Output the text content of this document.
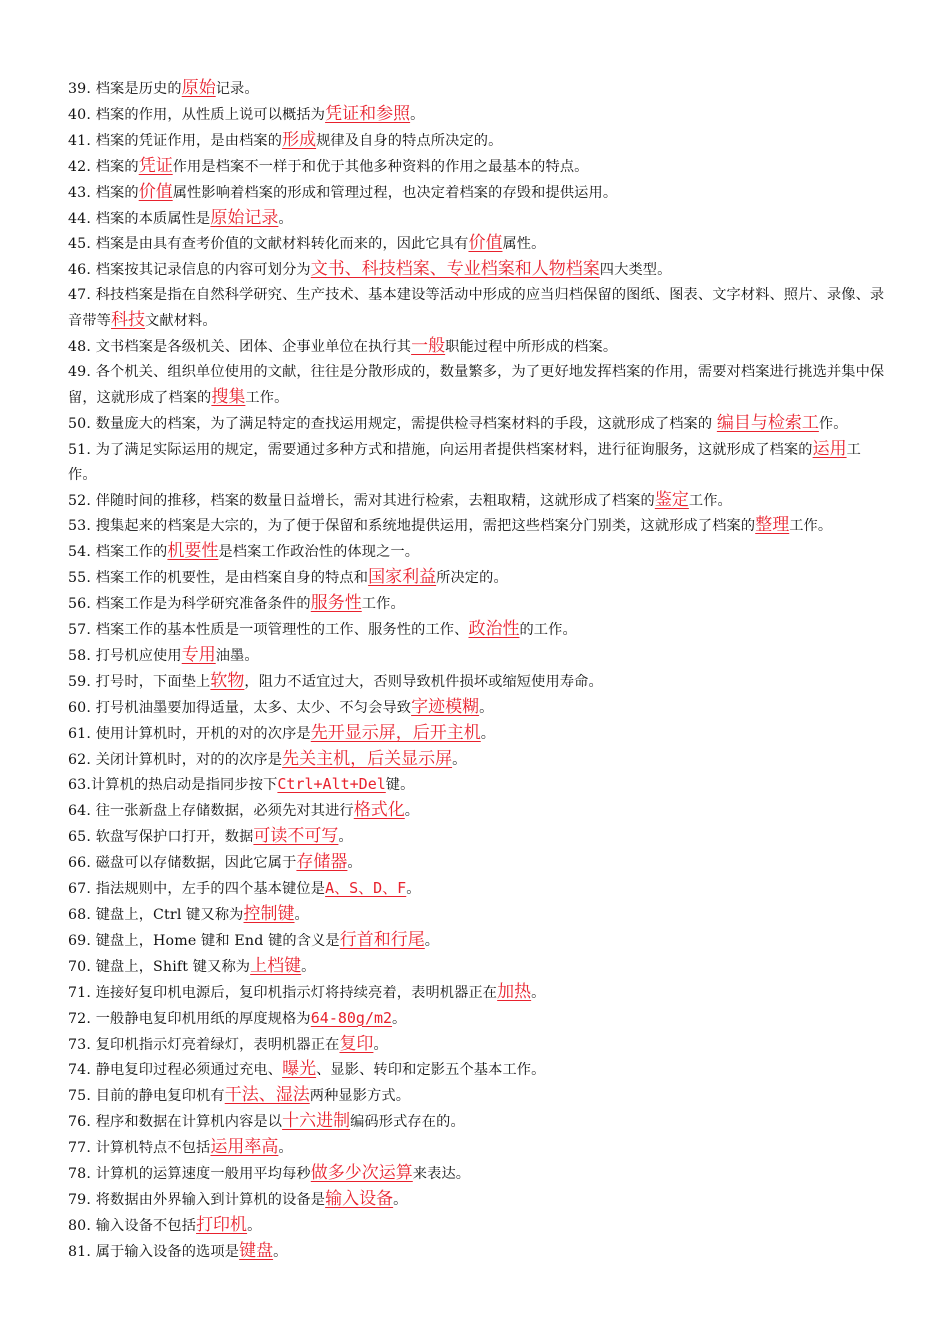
39. 档案是历史的原始记录。
40. 档案的作用，从性质上说可以概括为凭证和参照。
41. 档案的凭证作用，是由档案的形成规律及自身的特点所决定的。
42. 档案的凭证作用是档案不一样于和优于其他多种资料的作用之最基本的特点。
43. 档案的价值属性影响着档案的形成和管理过程，也决定着档案的存毁和提供运用。
44. 档案的本质属性是原始记录。
45. 档案是由具有查考价值的文献材料转化而来的，因此它具有价值属性。
46. 档案按其记录信息的内容可划分为文书、科技档案、专业档案和人物档案四大类型。
47. 科技档案是指在自然科学研究、生产技术、基本建设等活动中形成的应当归档保留的图纸、图表、文字材料、照片、录像、录音带等科技文献材料。
48. 文书档案是各级机关、团体、企事业单位在执行其一般职能过程中所形成的档案。
49. 各个机关、组织单位使用的文献，往往是分散形成的，数量繁多，为了更好地发挥档案的作用，需要对档案进行挑选并集中保留，这就形成了档案的搜集工作。
50. 数量庞大的档案，为了满足特定的查找运用规定，需提供检寻档案材料的手段，这就形成了档案的 编目与检索工作。
51. 为了满足实际运用的规定，需要通过多种方式和措施，向运用者提供档案材料，进行征询服务，这就形成了档案的运用工作。
52. 伴随时间的推移，档案的数量日益增长，需对其进行检索，去粗取精，这就形成了档案的鉴定工作。
53. 搜集起来的档案是大宗的，为了便于保留和系统地提供运用，需把这些档案分门别类，这就形成了档案的整理工作。
54. 档案工作的机要性是档案工作政治性的体现之一。
55. 档案工作的机要性，是由档案自身的特点和国家利益所决定的。
56. 档案工作是为科学研究准备条件的服务性工作。
57. 档案工作的基本性质是一项管理性的工作、服务性的工作、政治性的工作。
58. 打号机应使用专用油墨。
59. 打号时，下面垫上软物，阻力不适宜过大，否则导致机件损坏或缩短使用寿命。
60. 打号机油墨要加得适量，太多、太少、不匀会导致字迹模糊。
61. 使用计算机时，开机的对的次序是先开显示屏，后开主机。
62. 关闭计算机时，对的的次序是先关主机，后关显示屏。
63.计算机的热启动是指同步按下Ctrl+Alt+Del键。
64. 往一张新盘上存储数据，必须先对其进行格式化。
65. 软盘写保护口打开，数据可读不可写。
66. 磁盘可以存储数据，因此它属于存储器。
67. 指法规则中，左手的四个基本键位是A、S、D、F。
68. 键盘上，Ctrl 键又称为控制键。
69. 键盘上，Home 键和 End 键的含义是行首和行尾。
70. 键盘上，Shift 键又称为上档键。
71. 连接好复印机电源后，复印机指示灯将持续亮着，表明机器正在加热。
72. 一般静电复印机用纸的厚度规格为64-80g/m2。
73. 复印机指示灯亮着绿灯，表明机器正在复印。
74. 静电复印过程必须通过充电、曝光、显影、转印和定影五个基本工作。
75. 目前的静电复印机有干法、湿法两种显影方式。
76. 程序和数据在计算机内容是以十六进制编码形式存在的。
77. 计算机特点不包括运用率高。
78. 计算机的运算速度一般用平均每秒做多少次运算来表达。
79. 将数据由外界输入到计算机的设备是输入设备。
80. 输入设备不包括打印机。
81. 属于输入设备的选项是键盘。
